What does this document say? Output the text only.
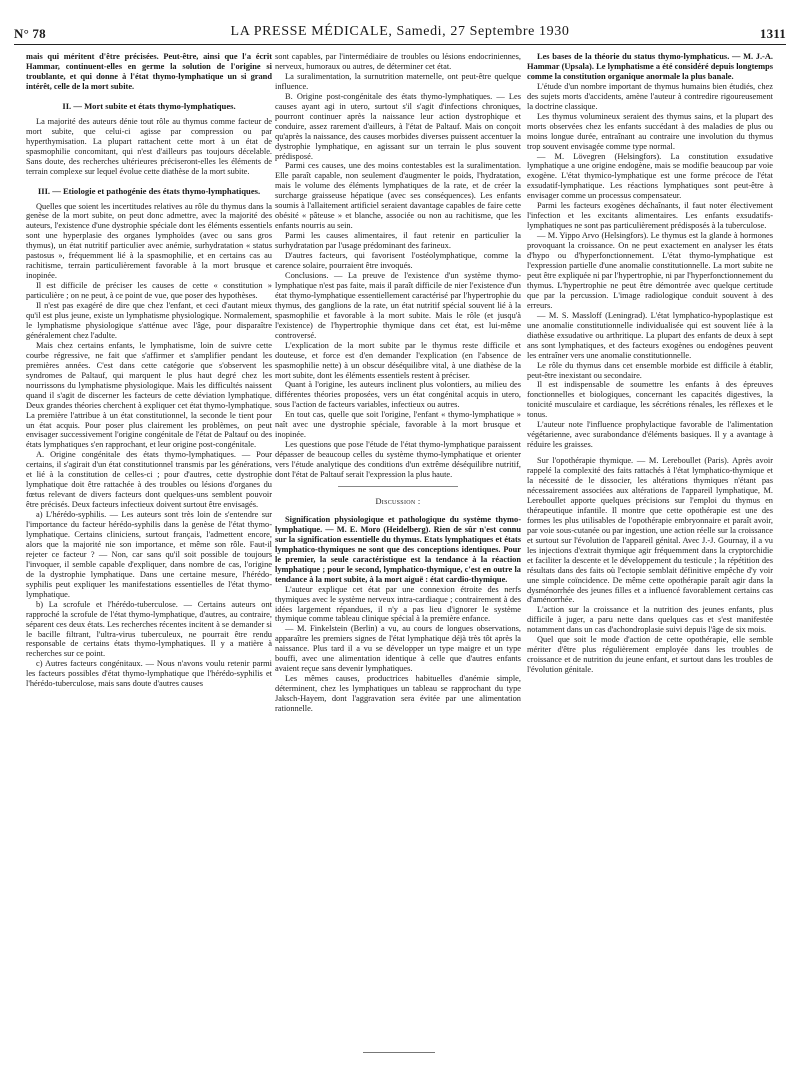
N° 78	LA PRESSE MÉDICALE, Samedi, 27 Septembre 1930	1311

mais qui méritent d'être précisées. Peut-être, ainsi que l'a écrit Hammar, continuent-elles en germe la solution de l'origine si troublante, et qui donne à l'état thymo-lymphatique un si grand intérêt, celle de la mort subite.

II. — Mort subite et états thymo-lymphatiques.

La majorité des auteurs dénie tout rôle au thymus comme facteur de mort subite, que celui-ci agisse par compression ou par hyperthymisation. La plupart rattachent cette mort à un état de spasmophilie concomitant, qui n'est d'ailleurs pas toujours décelable. Sans doute, des recherches ultérieures préciseront-elles les éléments de terrain complexe sur lequel évolue cette diathèse de la mort subite.

III. — Etiologie et pathogénie des états thymo-lymphatiques.

Quelles que soient les incertitudes relatives au rôle du thymus dans la genèse de la mort subite, on peut donc admettre, avec la majorité des auteurs, l'existence d'une dystrophie spéciale dont les éléments essentiels sont une hyperplasie des organes lymphoïdes (avec ou sans gros thymus), un état nutritif particulier avec anémie, surhydratation « status pastosus », fréquemment lié à la spasmophilie, et en certains cas au rachitisme, terrain particulièrement favorable à la mort brusque et inopinée.

Il est difficile de préciser les causes de cette « constitution » particulière ; on ne peut, à ce point de vue, que poser des hypothèses.

Il n'est pas exagéré de dire que chez l'enfant, et ceci d'autant mieux qu'il est plus jeune, existe un lymphatisme physiologique. Normalement, le lymphatisme physiologique s'atténue avec l'âge, pour disparaître généralement chez l'adulte.

Mais chez certains enfants, le lymphatisme, loin de suivre cette courbe régressive, ne fait que s'affirmer et s'amplifier pendant les premières années. C'est dans cette catégorie que s'observent les syndromes de Paltauf, qui marquent le plus haut degré chez les nourrissons du lymphatisme physiologique. Mais les difficultés naissent quand il s'agit de discerner les facteurs de cette déviation lymphatique. Deux grandes théories cherchent à expliquer cet état thymo-lymphatique. La première l'attribue à un état constitutionnel, la seconde le tient pour un état acquis. Pour poser plus clairement les problèmes, on peut envisager successivement l'origine congénitale de l'état de Paltauf ou des états lymphatiques s'en rapprochant, et leur origine post-congénitale.

A. Origine congénitale des états thymo-lymphatiques. — Pour certains, il s'agirait d'un état constitutionnel transmis par les générations, et lié à la constitution de celles-ci ; pour d'autres, cette dystrophie lymphatique doit être rattachée à des troubles ou lésions d'organes du fœtus relevant de divers facteurs dont quelques-uns semblent pouvoir être précisés. Deux facteurs infectieux doivent surtout être envisagés.

a) L'hérédo-syphilis. — Les auteurs sont très loin de s'entendre sur l'importance du facteur hérédo-syphilis dans la genèse de l'état thymo-lymphatique. Certains cliniciens, surtout français, l'admettent encore, alors que la majorité nie son importance, et même son rôle. Faut-il rejeter ce facteur ? — Non, car sans qu'il soit possible de toujours l'invoquer, il semble capable d'expliquer, dans nombre de cas, l'origine de la dystrophie lymphatique. Dans une certaine mesure, l'hérédo-syphilis peut expliquer les manifestations essentielles de l'état thymo-lymphatique.

b) La scrofule et l'hérédo-tuberculose. — Certains auteurs ont rapproché la scrofule de l'état thymo-lymphatique, d'autres, au contraire, séparent ces deux états. Les recherches récentes incitent à se demander si le bacille filtrant, l'ultra-virus tuberculeux, ne pourrait être rendu responsable de certains états thymo-lymphatiques. Il y a matière à recherches sur ce point.

c) Autres facteurs congénitaux. — Nous n'avons voulu retenir parmi les facteurs possibles d'état thymo-lymphatique que l'hérédo-syphilis et l'hérédo-tuberculose, mais sans doute d'autres causes

sont capables, par l'intermédiaire de troubles ou lésions endocriniennes, nerveux, humoraux ou autres, de déterminer cet état.

La suralimentation, la surnutrition maternelle, ont peut-être quelque influence.

B. Origine post-congénitale des états thymo-lymphatiques. — Les causes ayant agi in utero, surtout s'il s'agit d'infections chroniques, pourront continuer après la naissance leur action dystrophique et conduire, assez rarement d'ailleurs, à l'état de Paltauf. Mais on conçoit qu'après la naissance, des causes morbides diverses puissent accentuer la dystrophie lymphatique, en agissant sur un terrain le plus souvent prédisposé.

Parmi ces causes, une des moins contestables est la suralimentation. Elle paraît capable, non seulement d'augmenter le poids, l'hydratation, mais le volume des éléments lymphatiques de la rate, et de créer la surcharge graisseuse hépatique (avec ses conséquences). Les enfants soumis à l'allaitement artificiel seraient davantage capables de faire cette obésité « pâteuse » et blanche, associée ou non au rachitisme, que les enfants nourris au sein.

Parmi les causes alimentaires, il faut retenir en particulier la surhydratation par l'usage prédominant des farineux.

D'autres facteurs, qui favorisent l'ostéolymphatique, comme la carence solaire, pourraient être invoqués.

Conclusions. — La preuve de l'existence d'un système thymo-lymphatique n'est pas faite, mais il paraît difficile de nier l'existence d'un état thymo-lymphatique essentiellement caractérisé par l'hypertrophie du thymus, des ganglions de la rate, un état nutritif spécial souvent lié à la spasmophilie et favorable à la mort subite. Mais le rôle (et jusqu'à l'existence) de l'hypertrophie thymique dans cet état, est lui-même controversé.

L'explication de la mort subite par le thymus reste difficile et douteuse, et force est d'en demander l'explication (en l'absence de spasmophilie nette) à un obscur déséquilibre vital, à une diathèse de la mort subite, dont les éléments essentiels restent à préciser.

Quant à l'origine, les auteurs inclinent plus volontiers, au milieu des différentes théories proposées, vers un état congénital acquis in utero, sous l'action de facteurs variables, infectieux ou autres.

En tout cas, quelle que soit l'origine, l'enfant « thymo-lymphatique » naît avec une dystrophie spéciale, favorable à la mort brusque et inopinée.

Les questions que pose l'étude de l'état thymo-lymphatique paraissent dépasser de beaucoup celles du système thymo-lymphatique et orienter vers l'étude analytique des conditions d'un extrême déséquilibre nutritif, dont l'état de Paltauf serait l'expression la plus haute.

Discussion :

Signification physiologique et pathologique du système thymo-lymphatique. — M. E. Moro (Heidelberg). Rien de sûr n'est connu sur la signification essentielle du thymus. Etats lymphatiques et états lymphatico-thymiques ne sont que des conceptions identiques. Pour le premier, la seule caractéristique est la tendance à la réaction lymphatique ; pour le second, lymphatico-thymique, c'est en outre la tendance à la mort subite, à la mort aiguë : état cardio-thymique.

L'auteur explique cet état par une connexion étroite des nerfs thymiques avec le système nerveux intra-cardiaque ; contrairement à des idées largement répandues, il n'y a pas lieu d'ignorer le système thymique comme tableau clinique spécial à la première enfance.

— M. Finkelstein (Berlin) a vu, au cours de longues observations, apparaître les premiers signes de l'état lymphatique déjà très tôt après la naissance. Plus tard il a vu se développer un type maigre et un type bouffi, avec une alimentation identique à celle que d'autres enfants avaient reçue sans devenir lymphatiques.

Les mêmes causes, productrices habituelles d'anémie simple, déterminent, chez les lymphatiques un tableau se rapprochant du type Jaksch-Hayem, dont l'aggravation sera évitée par une alimentation rationnelle.

Les bases de la théorie du status thymo-lymphaticus. — M. J.-A. Hammar (Upsala). Le lymphatisme a été considéré depuis longtemps comme la constitution organique anormale la plus banale.

L'étude d'un nombre important de thymus humains bien étudiés, chez des sujets morts d'accidents, amène l'auteur à contredire rigoureusement la doctrine classique.

Les thymus volumineux seraient des thymus sains, et la plupart des morts observées chez les enfants succédant à des maladies de plus ou moins longue durée, entraînant au contraire une involution du thymus trop souvent envisagée comme type normal.

— M. Lövegren (Helsingfors). La constitution exsudative lymphatique a une origine endogène, mais se modifie beaucoup par voie exogène. L'état thymico-lymphatique est une forme précoce de l'état exsudatif-lymphatique. Les réactions lymphatiques sont peut-être à envisager comme un processus compensateur.

Parmi les facteurs exogènes déchaînants, il faut noter électivement l'infection et les excitants alimentaires. Les enfants exsudatifs-lymphatiques ne sont pas particulièrement prédisposés à la tuberculose.

— M. Yippo Arvo (Helsingfors). Le thymus est la glande à hormones provoquant la croissance. On ne peut exactement en analyser les états d'hypo ou d'hyperfonctionnement. L'état thymo-lymphatique est l'expression partielle d'une anomalie constitutionnelle. La mort subite ne peut être expliquée ni par l'hypertrophie, ni par l'hyperfonctionnement du thymus. L'hypertrophie ne peut être démontrée avec quelque certitude que par la percussion. L'image radiologique conduit souvent à des erreurs.

— M. S. Massloff (Leningrad). L'état lymphatico-hypoplastique est une anomalie constitutionnelle individualisée qui est souvent liée à la diathèse exsudative ou arthritique. La plupart des enfants de deux à sept ans sont lymphatiques, et des facteurs exogènes ou endogènes peuvent les entraîner vers une anomalie constitutionnelle.

Le rôle du thymus dans cet ensemble morbide est difficile à établir, peut-être inexistant ou secondaire.

Il est indispensable de soumettre les enfants à des épreuves fonctionnelles et biologiques, concernant les capacités digestives, la tonicité musculaire et cardiaque, les sécrétions rénales, les réflexes et le tonus.

L'auteur note l'influence prophylactique favorable de l'alimentation végétarienne, avec surabondance d'éléments basiques. Il y a avantage à réduire les graisses.

Sur l'opothérapie thymique. — M. Lereboullet (Paris). Après avoir rappelé la complexité des faits rattachés à l'état lymphatico-thymique et la nécessité de le dissocier, les altérations thymiques n'étant pas nécessairement associées aux altérations de l'appareil lymphatique, M. Lereboullet apporte quelques précisions sur l'emploi du thymus en thérapeutique infantile. Il montre que cette opothérapie est une des formes les plus utilisables de l'opothérapie embryonnaire et paraît avoir, par voie sous-cutanée ou par ingestion, une action réelle sur la croissance et surtout sur l'évolution de l'appareil génital. Avec J.-J. Gournay, il a vu les injections d'extrait thymique agir fréquemment dans la cryptorchidie et faciliter la descente et le développement du testicule ; la répétition des résultats dans des faits où l'ectopie semblait définitive empêche d'y voir une simple coïncidence. De même cette opothérapie paraît agir dans la dysménorrhée des jeunes filles et a influencé favorablement certains cas d'aménorrhée.

L'action sur la croissance et la nutrition des jeunes enfants, plus difficile à juger, a paru nette dans quelques cas et s'est manifestée notamment dans un cas d'achondroplasie suivi depuis l'âge de six mois.

Quel que soit le mode d'action de cette opothérapie, elle semble mériter d'être plus régulièrement employée dans les troubles de croissance et de nutrition du jeune enfant, et surtout dans les troubles de l'évolution génitale.
